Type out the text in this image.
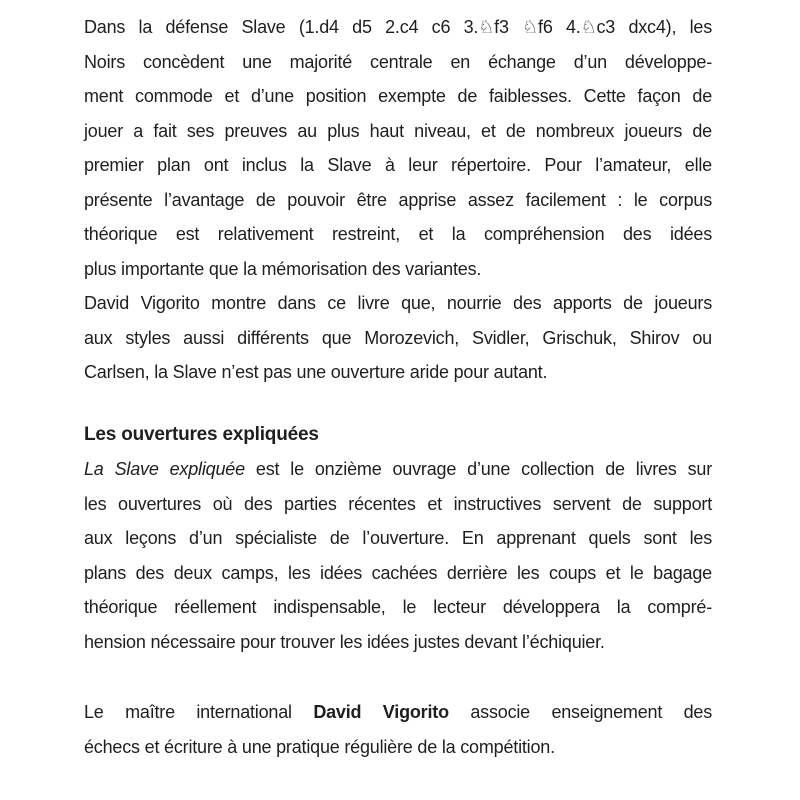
Dans la défense Slave (1.d4 d5 2.c4 c6 3.♘f3 ♘f6 4.♘c3 dxc4), les
Noirs concèdent une majorité centrale en échange d’un développe-
ment commode et d’une position exempte de faiblesses. Cette façon de
jouer a fait ses preuves au plus haut niveau, et de nombreux joueurs de
premier plan ont inclus la Slave à leur répertoire. Pour l’amateur, elle
présente l’avantage de pouvoir être apprise assez facilement : le corpus
théorique est relativement restreint, et la compréhension des idées
plus importante que la mémorisation des variantes.
David Vigorito montre dans ce livre que, nourrie des apports de joueurs
aux styles aussi différents que Morozevich, Svidler, Grischuk, Shirov ou
Carlsen, la Slave n’est pas une ouverture aride pour autant.
Les ouvertures expliquées
La Slave expliquée est le onzième ouvrage d’une collection de livres sur
les ouvertures où des parties récentes et instructives servent de support
aux leçons d’un spécialiste de l’ouverture. En apprenant quels sont les
plans des deux camps, les idées cachées derrière les coups et le bagage
théorique réellement indispensable, le lecteur développera la compré-
hension nécessaire pour trouver les idées justes devant l’échiquier.
Le maître international David Vigorito associe enseignement des
échecs et écriture à une pratique régulière de la compétition.
